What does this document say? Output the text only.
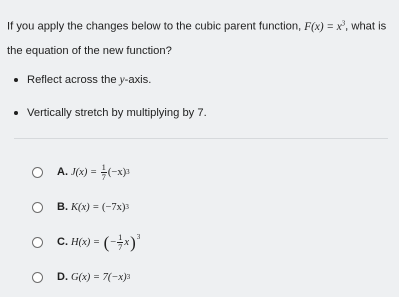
If you apply the changes below to the cubic parent function, $F(x) = x^3$, what is
the equation of the new function?
Reflect across the y-axis.
Vertically stretch by multiplying by 7.
A. J(x) =
$\frac{1}{7} (-x)$ 3
B. K(x) =
(−7x) 3
C. H(x) =
( − $\frac{1}{7}$ x )$^3$
D. G(x) = 7(−x) 3
